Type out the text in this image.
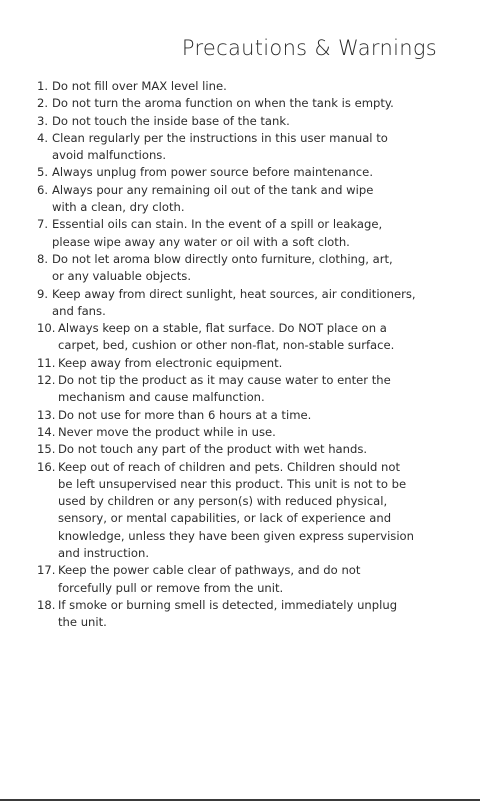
Precautions & Warnings
1. Do not fill over MAX level line.
2. Do not turn the aroma function on when the tank is empty.
3. Do not touch the inside base of the tank.
4. Clean regularly per the instructions in this user manual to
avoid malfunctions.
5. Always unplug from power source before maintenance.
6. Always pour any remaining oil out of the tank and wipe
with a clean, dry cloth.
7. Essential oils can stain. In the event of a spill or leakage,
please wipe away any water or oil with a soft cloth.
8. Do not let aroma blow directly onto furniture, clothing, art,
or any valuable objects.
9. Keep away from direct sunlight, heat sources, air conditioners,
and fans.
10. Always keep on a stable, flat surface. Do NOT place on a
carpet, bed, cushion or other non-flat, non-stable surface.
11. Keep away from electronic equipment.
12. Do not tip the product as it may cause water to enter the
mechanism and cause malfunction.
13. Do not use for more than 6 hours at a time.
14. Never move the product while in use.
15. Do not touch any part of the product with wet hands.
16. Keep out of reach of children and pets. Children should not
be left unsupervised near this product. This unit is not to be
used by children or any person(s) with reduced physical,
sensory, or mental capabilities, or lack of experience and
knowledge, unless they have been given express supervision
and instruction.
17. Keep the power cable clear of pathways, and do not
forcefully pull or remove from the unit.
18. If smoke or burning smell is detected, immediately unplug
the unit.
